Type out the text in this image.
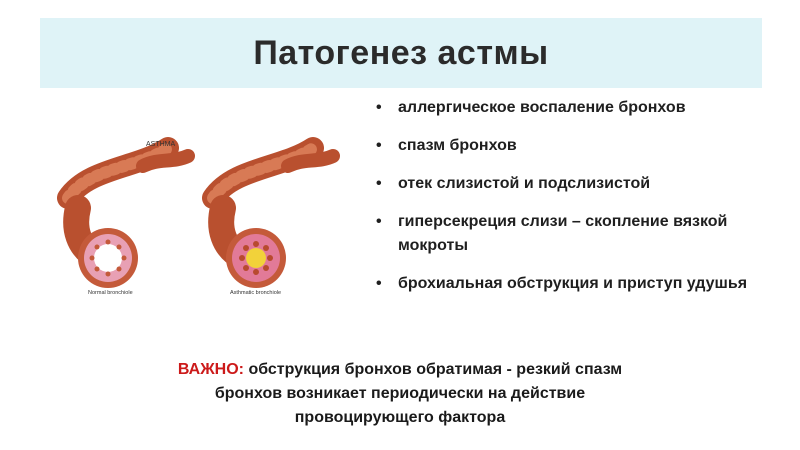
Патогенез астмы
ASTHMA
Normal bronchiole	Asthmatic bronchiole
• аллергическое воспаление бронхов
• спазм бронхов
• отек слизистой и подслизистой
• гиперсекреция слизи – скопление вязкой мокроты
• брохиальная обструкция и приступ удушья
ВАЖНО: обструкция бронхов обратимая - резкий спазм
бронхов возникает периодически на действие
провоцирующего фактора
